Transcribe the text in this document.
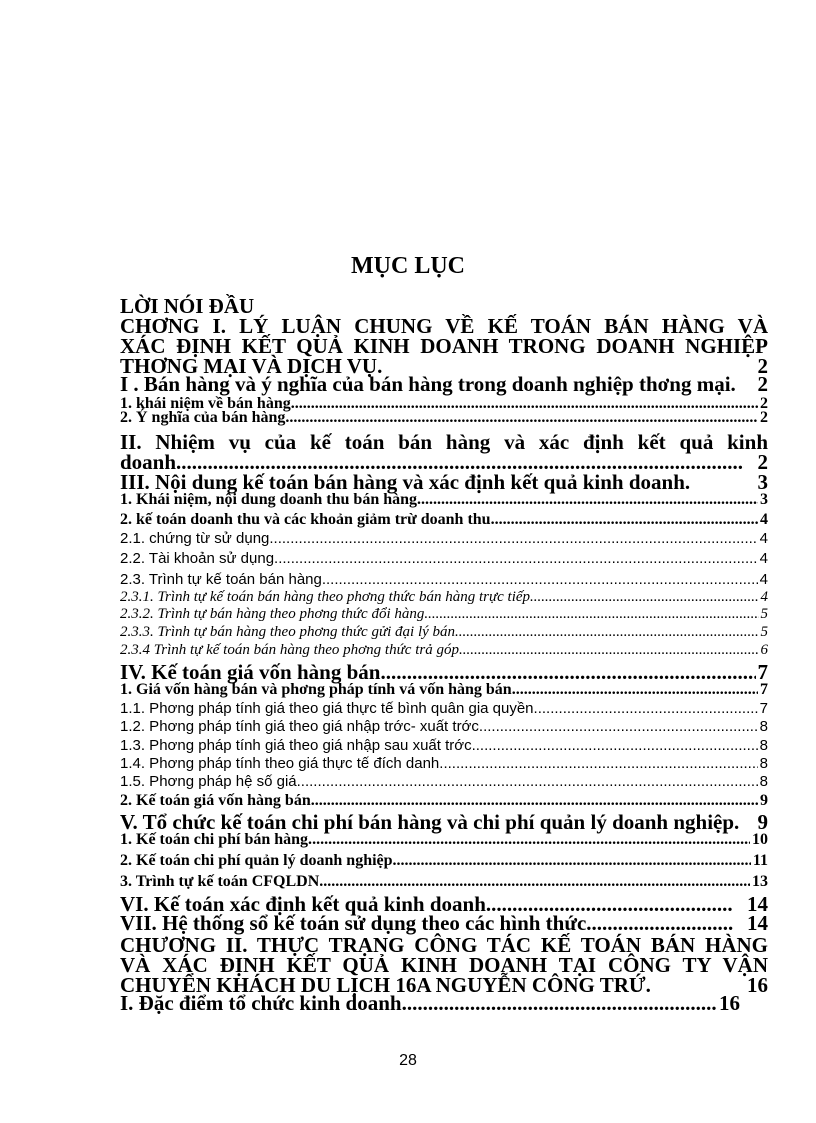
MỤC LỤC
LỜI NÓI ĐẦU
CHƠNG I. LÝ LUẬN CHUNG VỀ KẾ TOÁN BÁN HÀNG VÀ
XÁC ĐỊNH KẾT QUẢ KINH DOANH TRONG DOANH NGHIỆP
THƠNG MẠI VÀ DỊCH VỤ.	2
I . Bán hàng và ý nghĩa của bán hàng trong doanh nghiệp thơng mại. 2
1. khái niệm về bán hàng .....	2
2. Ý nghĩa của bán hàng .....	2
II. Nhiệm vụ của kế toán bán hàng và xác định kết quả kinh
doanh .....	2
III. Nội dung kế toán bán hàng và xác định kết quả kinh doanh.	3
1. Khái niệm, nội dung doanh thu bán hàng. .....	3
2. kế toán doanh thu và các khoản giảm trừ doanh thu .....	4
2.1. chứng từ sử dụng. .....	4
2.2. Tài khoản sử dụng. .....	4
2.3. Trình tự kế toán bán hàng. .....	4
2.3.1. Trình tự kế toán bán hàng theo phơng thức bán hàng trực tiếp .....	4
2.3.2. Trình tự bán hàng theo phơng thức đổi hàng .....	5
2.3.3. Trình tự bán hàng theo phơng thức gửi đại lý bán .....	5
2.3.4 Trình tự kế toán bán hàng theo phơng thức trả góp .....	6
IV. Kế toán giá vốn hàng bán. .....	7
1. Giá vốn hàng bán và phơng pháp tính vá vốn hàng bán .....	7
1.1. Phơng pháp tính giá theo giá thực tế bình quân gia quyền .....	7
1.2. Phơng pháp tính giá theo giá nhập trớc- xuất trớc .....	8
1.3. Phơng pháp tính giá theo giá nhập sau xuất trớc .....	8
1.4. Phơng pháp tính theo giá thực tế đích danh .....	8
1.5. Phơng pháp hệ số giá .....	8
2. Kế toán giá vốn hàng bán. .....	9
V. Tổ chức kế toán chi phí bán hàng và chi phí quản lý doanh nghiệp. 9
1. Kế toán chi phí bán hàng. .....	10
2. Kế toán chi phí quản lý doanh nghiệp. .....	11
3. Trình tự kế toán CFQLDN. .....	13
VI. Kế toán xác định kết quả kinh doanh .....	14
VII. Hệ thống sổ kế toán sử dụng theo các hình thức .....	14
CHƯƠNG II. THỰC TRẠNG CÔNG TÁC KẾ TOÁN BÁN HÀNG
VÀ XÁC ĐỊNH KẾT QUẢ KINH DOANH TẠI CÔNG TY VẬN
CHUYỂN KHÁCH DU LỊCH 16A NGUYỄN CÔNG TRỨ.	16
I. Đặc điểm tổ chức kinh doanh .....	16
28
